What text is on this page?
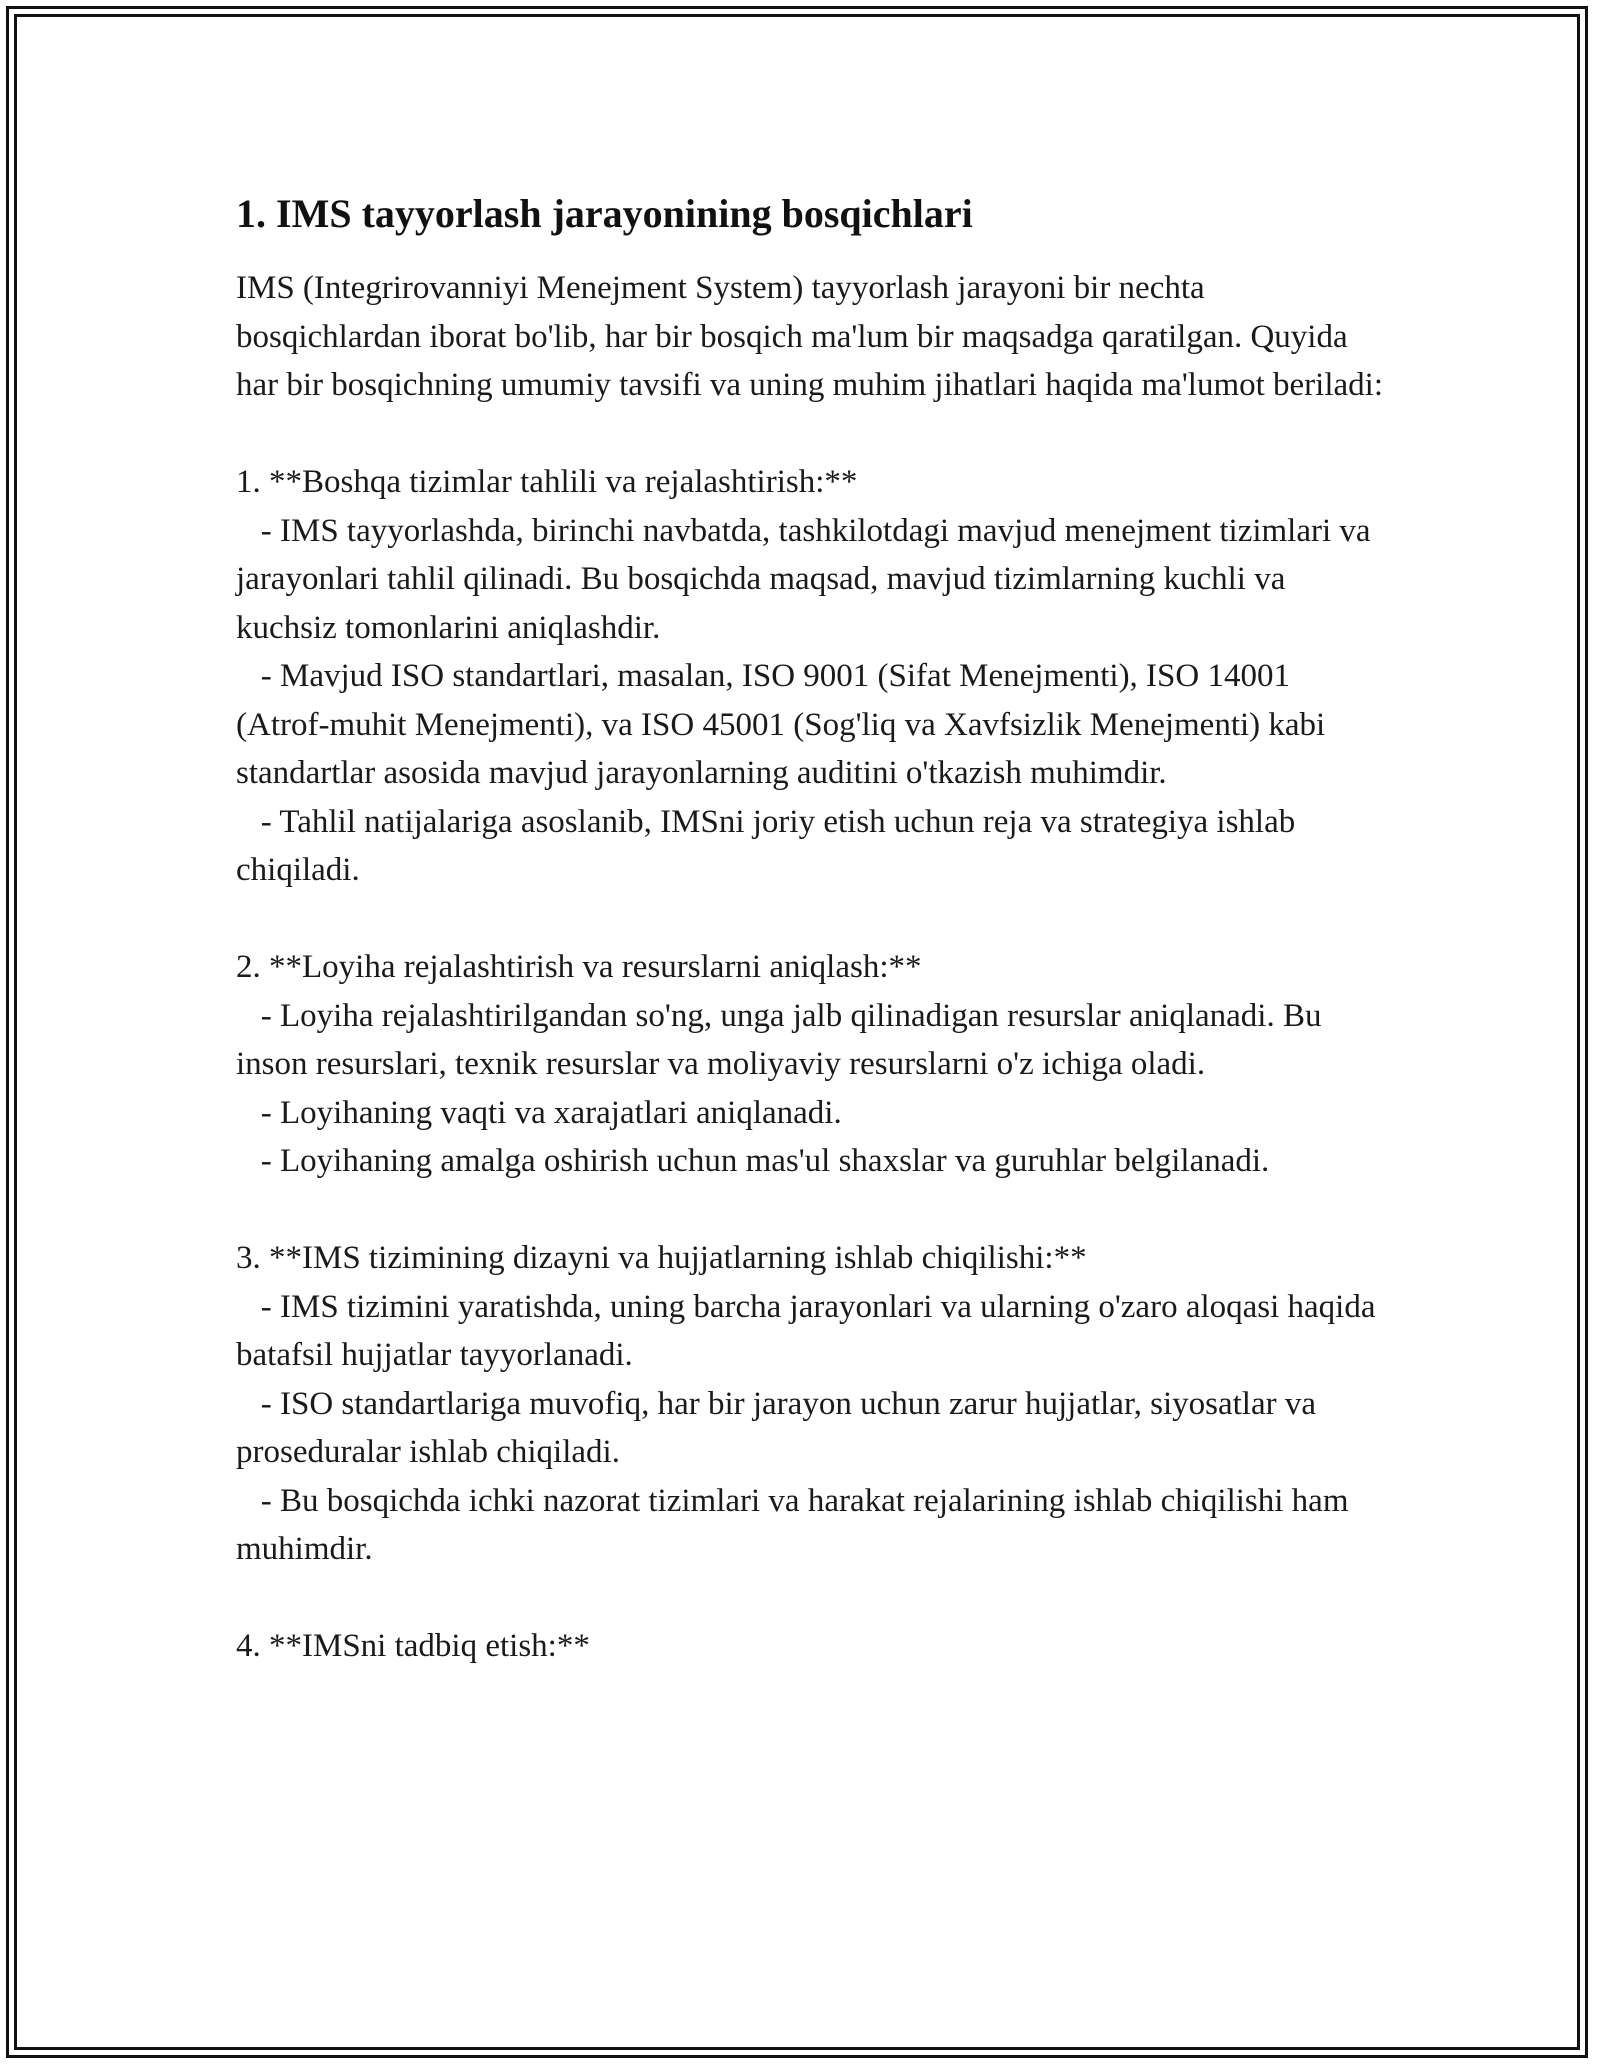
1. IMS tayyorlash jarayonining bosqichlari

IMS (Integrirovanniyi Menejment System) tayyorlash jarayoni bir nechta bosqichlardan iborat bo'lib, har bir bosqich ma'lum bir maqsadga qaratilgan. Quyida har bir bosqichning umumiy tavsifi va uning muhim jihatlari haqida ma'lumot beriladi:

1. **Boshqa tizimlar tahlili va rejalashtirish:**

- IMS tayyorlashda, birinchi navbatda, tashkilotdagi mavjud menejment tizimlari va jarayonlari tahlil qilinadi. Bu bosqichda maqsad, mavjud tizimlarning kuchli va kuchsiz tomonlarini aniqlashdir.

- Mavjud ISO standartlari, masalan, ISO 9001 (Sifat Menejmenti), ISO 14001 (Atrof-muhit Menejmenti), va ISO 45001 (Sog'liq va Xavfsizlik Menejmenti) kabi standartlar asosida mavjud jarayonlarning auditini o'tkazish muhimdir.

- Tahlil natijalariga asoslanib, IMSni joriy etish uchun reja va strategiya ishlab chiqiladi.

2. **Loyiha rejalashtirish va resurslarni aniqlash:**

- Loyiha rejalashtirilgandan so'ng, unga jalb qilinadigan resurslar aniqlanadi. Bu inson resurslari, texnik resurslar va moliyaviy resurslarni o'z ichiga oladi.

- Loyihaning vaqti va xarajatlari aniqlanadi.

- Loyihaning amalga oshirish uchun mas'ul shaxslar va guruhlar belgilanadi.

3. **IMS tizimining dizayni va hujjatlarning ishlab chiqilishi:**

- IMS tizimini yaratishda, uning barcha jarayonlari va ularning o'zaro aloqasi haqida batafsil hujjatlar tayyorlanadi.

- ISO standartlariga muvofiq, har bir jarayon uchun zarur hujjatlar, siyosatlar va proseduralar ishlab chiqiladi.

- Bu bosqichda ichki nazorat tizimlari va harakat rejalarining ishlab chiqilishi ham muhimdir.

4. **IMSni tadbiq etish:**
